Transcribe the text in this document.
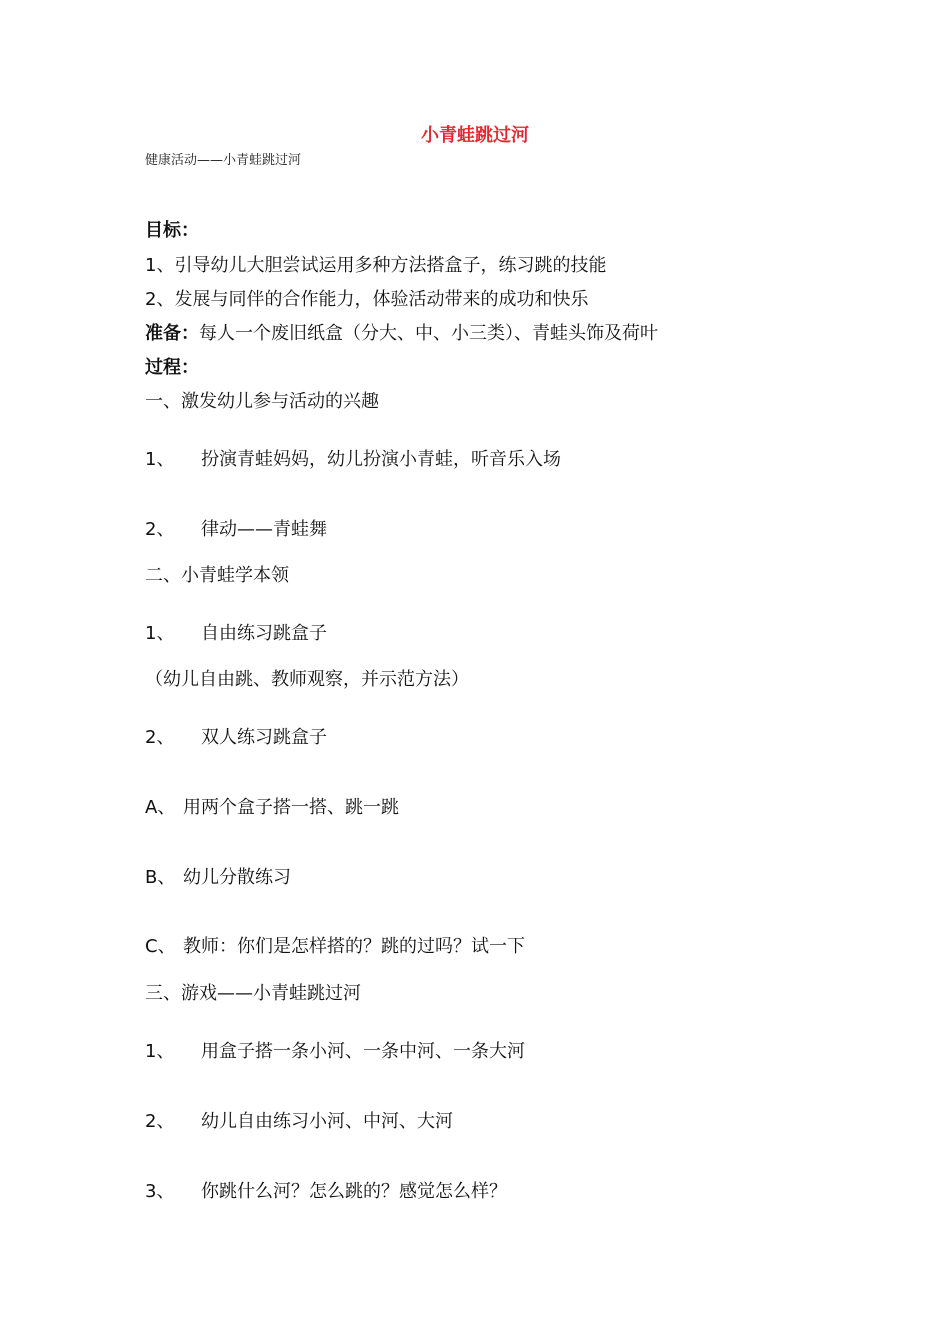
小青蛙跳过河
健康活动——小青蛙跳过河
目标：
1、引导幼儿大胆尝试运用多种方法搭盒子，练习跳的技能
2、发展与同伴的合作能力，体验活动带来的成功和快乐
准备：每人一个废旧纸盒（分大、中、小三类）、青蛙头饰及荷叶
过程：
一、激发幼儿参与活动的兴趣
1、 扮演青蛙妈妈，幼儿扮演小青蛙，听音乐入场
2、 律动——青蛙舞
二、小青蛙学本领
1、 自由练习跳盒子
（幼儿自由跳、教师观察，并示范方法）
2、 双人练习跳盒子
A、 用两个盒子搭一搭、跳一跳
B、 幼儿分散练习
C、 教师：你们是怎样搭的？跳的过吗？试一下
三、游戏——小青蛙跳过河
1、 用盒子搭一条小河、一条中河、一条大河
2、 幼儿自由练习小河、中河、大河
3、 你跳什么河？怎么跳的？感觉怎么样？
